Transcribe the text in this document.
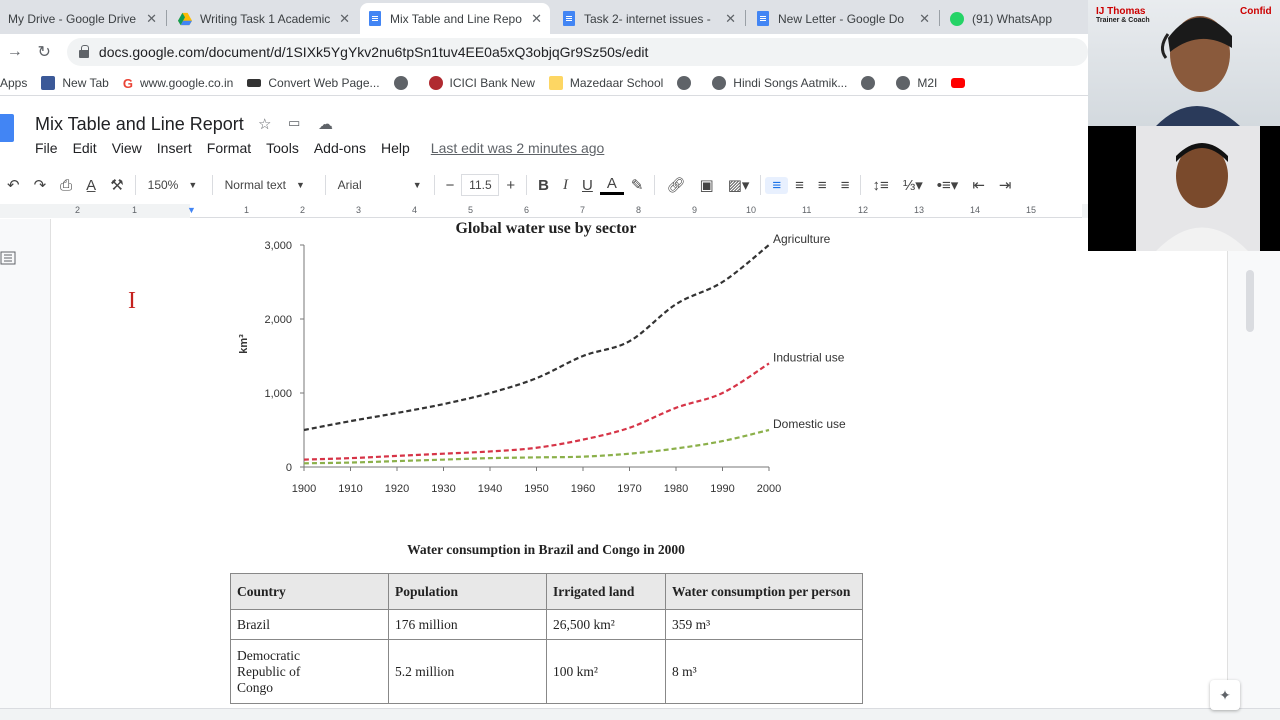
My Drive - Google Drive ✕	Writing Task 1 Academic ✕	Mix Table and Line Repo ✕	Task 2- internet issues -	✕	New Letter - Google Do	✕	(91) WhatsApp
→ ↻	docs.google.com/document/d/1SIXk5YgYkv2nu6tpSn1tuv4EE0a5xQ3objqGr9Sz50s/edit
Apps	New Tab G www.google.co.in	Convert Web Page...	ICICI Bank New	Mazedaar School	Hindi Songs Aatmik...	M2I
Mix Table and Line Report ☆ ▭ ☁
File Edit View Insert Format Tools Add-ons Help Last edit was 2 minutes ago
↶ ↷ ⎙ A̲ ⚒	150% ▼ Normal text ▼	Arial	▼	−	11.5 +	B I U A ✎	🔗︎ ▣ ▨▾	≡ ≡ ≡ ≡	↕≡ ⅓▾ •≡▾ ⇤ ⇥
2	1	▼	1	2	3	4	5	6	7	8	9	10	11	12	13	14	15
I
Global water use by sector
0
1,000
2,000
3,000
1900 1910 1920 1930 1940 1950 1960 1970 1980 1990 2000
km³
Agriculture
Industrial use
Domestic use
Water consumption in Brazil and Congo in 2000
Country	Population	Irrigated land	Water consumption per person
Brazil	176 million	26,500 km²	359 m³

Democratic Republic of Congo	5.2 million	100 km²	8 m³
✦
IJ Thomas
Trainer & Coach
Confid
